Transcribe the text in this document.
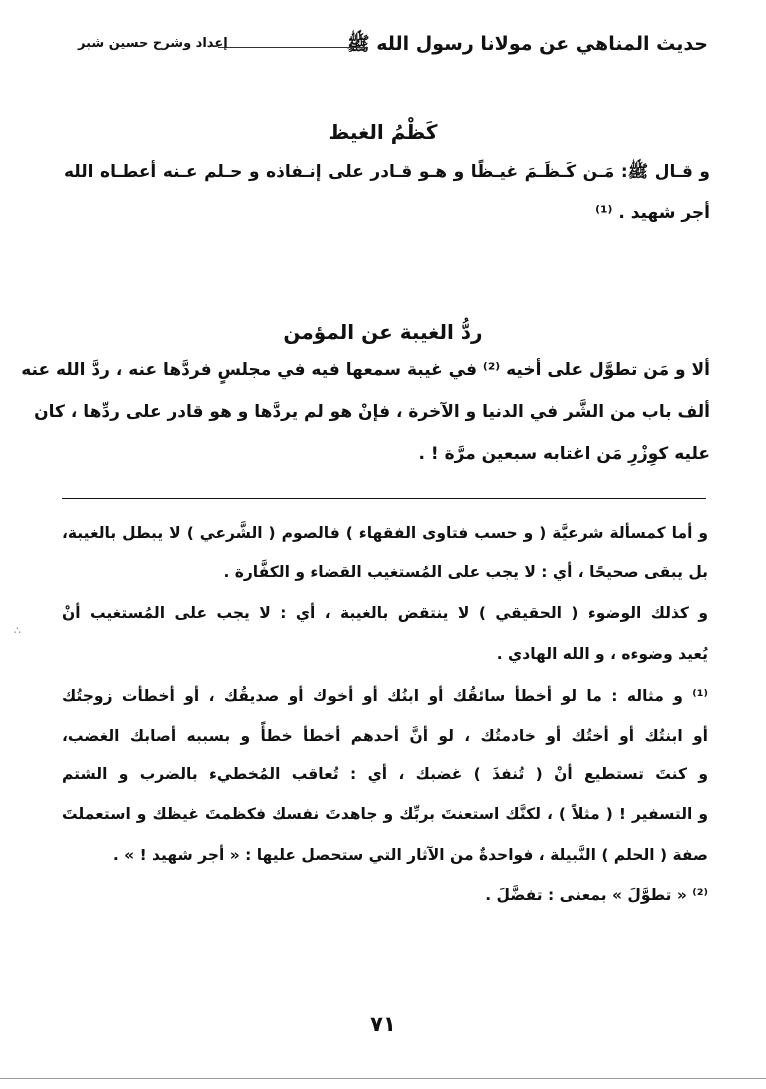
حديث المناهي عن مولانا رسول الله ﷺ
إعداد وشرح حسين شبر
كَظْمُ الغيظ
و قـال ﷺ: مَـن كَـظَـمَ غيـظًا و هـو قـادر على إنـفاذه و حـلم عـنه أعطـاه الله
أجر شهيد . ⁽¹⁾
ردُّ الغيبة عن المؤمن
ألا و مَن تطوَّل على أخيه ⁽²⁾ في غيبة سمعها فيه في مجلسٍ فردَّها عنه ، ردَّ الله عنه
ألف باب من الشَّر في الدنيا و الآخرة ، فإنْ هو لم يردَّها و هو قادر على ردِّها ، كان
عليه كوِزْرِ مَن اغتابه سبعين مرَّة ! .
و أما كمسألة شرعيَّة ( و حسب فتاوى الفقهاء ) فالصوم ( الشَّرعي ) لا يبطل بالغيبة،
بل يبقى صحيحًا ، أي : لا يجب على المُستغيب القضاء و الكفَّارة .
و كذلك الوضوء ( الحقيقي ) لا ينتقض بالغيبة ، أي : لا يجب على المُستغيب أنْ
يُعيد وضوءه ، و الله الهادي .
⁽¹⁾ و مثاله : ما لو أخطأ سائقُك أو ابنُك أو أخوك أو صديقُك ، أو أخطأت زوجتُك
أو ابنتُك أو أختُك أو خادمتُك ، لو أنَّ أحدهم أخطأ خطأً و بسببه أصابك الغضب،
و كنتَ تستطيع أنْ ( تُنفذَ ) غضبك ، أي : تُعاقب المُخطيء بالضرب و الشتم
و التسفير ! ( مثلاً ) ، لكنَّك استعنتَ بربِّك و جاهدتَ نفسك فكظمتَ غيظك و استعملتَ
صفة ( الحلم ) النَّبيلة ، فواحدةٌ من الآثار التي ستحصل عليها : « أجر شهيد ! » .
⁽²⁾ « تطوَّلَ » بمعنى : تفضَّلَ .
٧١
∴
